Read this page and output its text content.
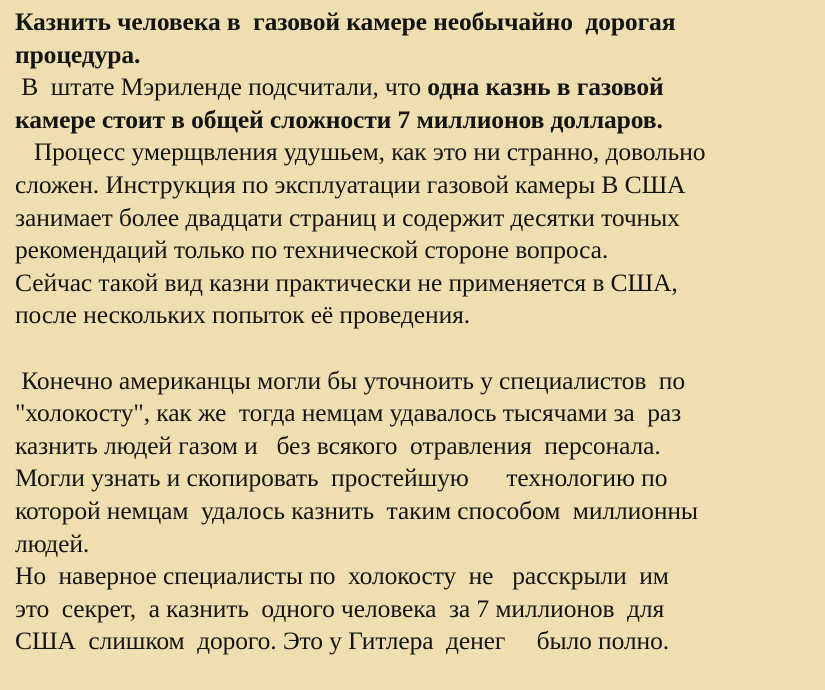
Казнить человека в  газовой камере необычайно  дорогая
процедура.
В  штате Мэриленде подсчитали, что одна казнь в газовой
камере стоит в общей сложности 7 миллионов долларов.
Процесс умерщвления удушьем, как это ни странно, довольно
сложен. Инструкция по эксплуатации газовой камеры В США
занимает более двадцати страниц и содержит десятки точных
рекомендаций только по технической стороне вопроса.
Сейчас такой вид казни практически не применяется в США,
после нескольких попыток её проведения.
Конечно американцы могли бы уточноить у специалистов  по
"холокосту", как же  тогда немцам удавалось тысячами за  раз
казнить людей газом и   без всякого  отравления  персонала.
Могли узнать и скопировать  простейшую      технологию по
которой немцам  удалось казнить  таким способом  миллионны
людей.
Но  наверное специалисты по  холокосту  не   расскрыли  им
это  секрет,  а казнить  одного человека  за 7 миллионов  для
США  слишком  дорого. Это у Гитлера  денег     было полно.
